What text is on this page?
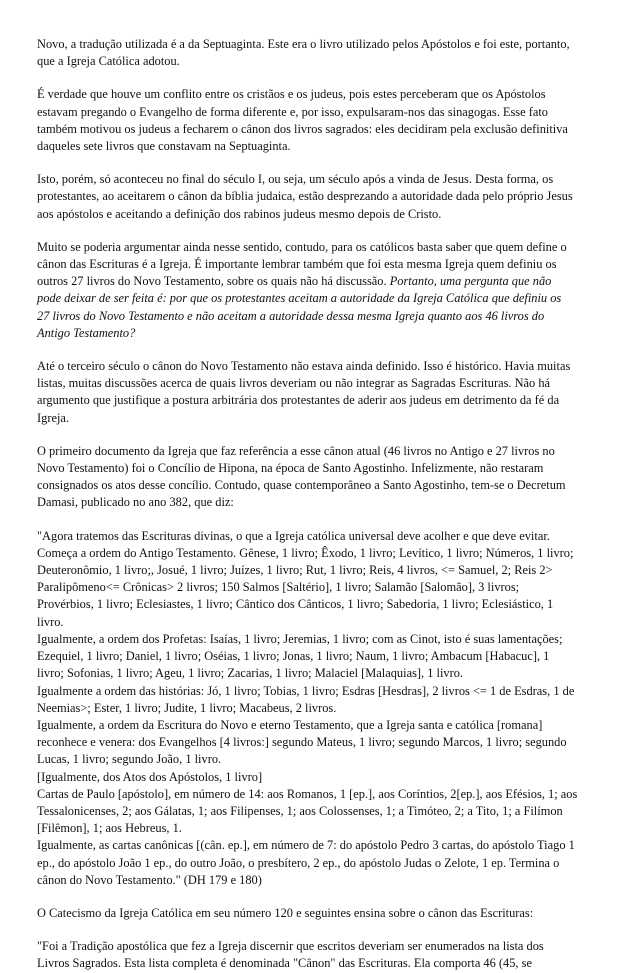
Novo, a tradução utilizada é a da Septuaginta. Este era o livro utilizado pelos Apóstolos e foi este, portanto,
que a Igreja Católica adotou.

É verdade que houve um conflito entre os cristãos e os judeus, pois estes perceberam que os Apóstolos
estavam pregando o Evangelho de forma diferente e, por isso, expulsaram-nos das sinagogas. Esse fato
também motivou os judeus a fecharem o cânon dos livros sagrados: eles decidiram pela exclusão definitiva
daqueles sete livros que constavam na Septuaginta.

Isto, porém, só aconteceu no final do século I, ou seja, um século após a vinda de Jesus. Desta forma, os
protestantes, ao aceitarem o cânon da bíblia judaica, estão desprezando a autoridade dada pelo próprio Jesus
aos apóstolos e aceitando a definição dos rabinos judeus mesmo depois de Cristo.

Muito se poderia argumentar ainda nesse sentido, contudo, para os católicos basta saber que quem define o
cânon das Escrituras é a Igreja. É importante lembrar também que foi esta mesma Igreja quem definiu os
outros 27 livros do Novo Testamento, sobre os quais não há discussão. Portanto, uma pergunta que não
pode deixar de ser feita é: por que os protestantes aceitam a autoridade da Igreja Católica que definiu os
27 livros do Novo Testamento e não aceitam a autoridade dessa mesma Igreja quanto aos 46 livros do
Antigo Testamento?

Até o terceiro século o cânon do Novo Testamento não estava ainda definido. Isso é histórico. Havia muitas
listas, muitas discussões acerca de quais livros deveriam ou não integrar as Sagradas Escrituras. Não há
argumento que justifique a postura arbitrária dos protestantes de aderir aos judeus em detrimento da fé da
Igreja.

O primeiro documento da Igreja que faz referência a esse cânon atual (46 livros no Antigo e 27 livros no
Novo Testamento) foi o Concílio de Hipona, na época de Santo Agostinho. Infelizmente, não restaram
consignados os atos desse concílio. Contudo, quase contemporâneo a Santo Agostinho, tem-se o Decretum
Damasi, publicado no ano 382, que diz:

"Agora tratemos das Escrituras divinas, o que a Igreja católica universal deve acolher e que deve evitar.
Começa a ordem do Antigo Testamento. Gênese, 1 livro; Êxodo, 1 livro; Levítico, 1 livro; Números, 1 livro;
Deuteronômio, 1 livro;, Josué, 1 livro; Juízes, 1 livro; Rut, 1 livro; Reis, 4 livros, <= Samuel, 2; Reis 2>
Paralipômeno<= Crônicas> 2 livros; 150 Salmos [Saltério], 1 livro; Salamão [Salomão], 3 livros;
Provérbios, 1 livro; Eclesiastes, 1 livro; Cântico dos Cânticos, 1 livro; Sabedoria, 1 livro; Eclesiástico, 1
livro.
Igualmente, a ordem dos Profetas: Isaías, 1 livro; Jeremias, 1 livro; com as Cinot, isto é suas lamentações;
Ezequiel, 1 livro; Daniel, 1 livro; Oséias, 1 livro; Jonas, 1 livro; Naum, 1 livro; Ambacum [Habacuc], 1
livro; Sofonias, 1 livro; Ageu, 1 livro; Zacarias, 1 livro; Malaciel [Malaquias], 1 livro.
Igualmente a ordem das histórias: Jó, 1 livro; Tobias, 1 livro; Esdras [Hesdras], 2 livros <= 1 de Esdras, 1 de
Neemias>; Ester, 1 livro; Judite, 1 livro; Macabeus, 2 livros.
Igualmente, a ordem da Escritura do Novo e eterno Testamento, que a Igreja santa e católica [romana]
reconhece e venera: dos Evangelhos [4 livros:] segundo Mateus, 1 livro; segundo Marcos, 1 livro; segundo
Lucas, 1 livro; segundo João, 1 livro.
[Igualmente, dos Atos dos Apóstolos, 1 livro]
Cartas de Paulo [apóstolo], em número de 14: aos Romanos, 1 [ep.], aos Coríntios, 2[ep.], aos Efésios, 1; aos
Tessalonicenses, 2; aos Gálatas, 1; aos Filipenses, 1; aos Colossenses, 1; a Timóteo, 2; a Tito, 1; a Filímon
[Filêmon], 1; aos Hebreus, 1.
Igualmente, as cartas canônicas [(cân. ep.], em número de 7: do apóstolo Pedro 3 cartas, do apóstolo Tiago 1
ep., do apóstolo João 1 ep., do outro João, o presbítero, 2 ep., do apóstolo Judas o Zelote, 1 ep. Termina o
cânon do Novo Testamento." (DH 179 e 180)

O Catecismo da Igreja Católica em seu número 120 e seguintes ensina sobre o cânon das Escrituras:

"Foi a Tradição apostólica que fez a Igreja discernir que escritos deveriam ser enumerados na lista dos
Livros Sagrados. Esta lista completa é denominada "Cânon" das Escrituras. Ela comporta 46 (45, se
